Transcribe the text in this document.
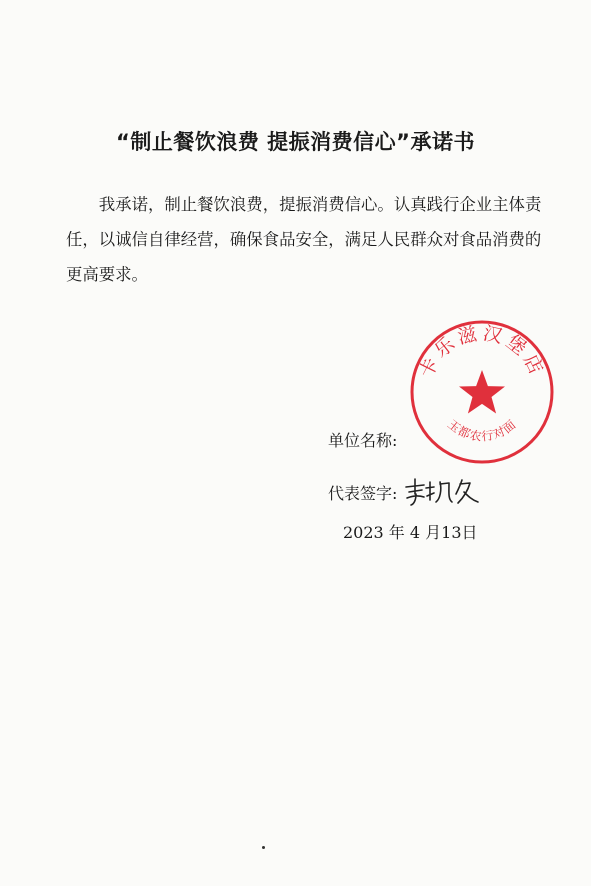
“制止餐饮浪费 提振消费信心”承诺书

我承诺，制止餐饮浪费，提振消费信心。认真践行企业主体责任，以诚信自律经营，确保食品安全，满足人民群众对食品消费的更高要求。

卡乐滋汉堡店
玉都农行对面
单位名称:
代表签字:
2023 年 4 月13日
